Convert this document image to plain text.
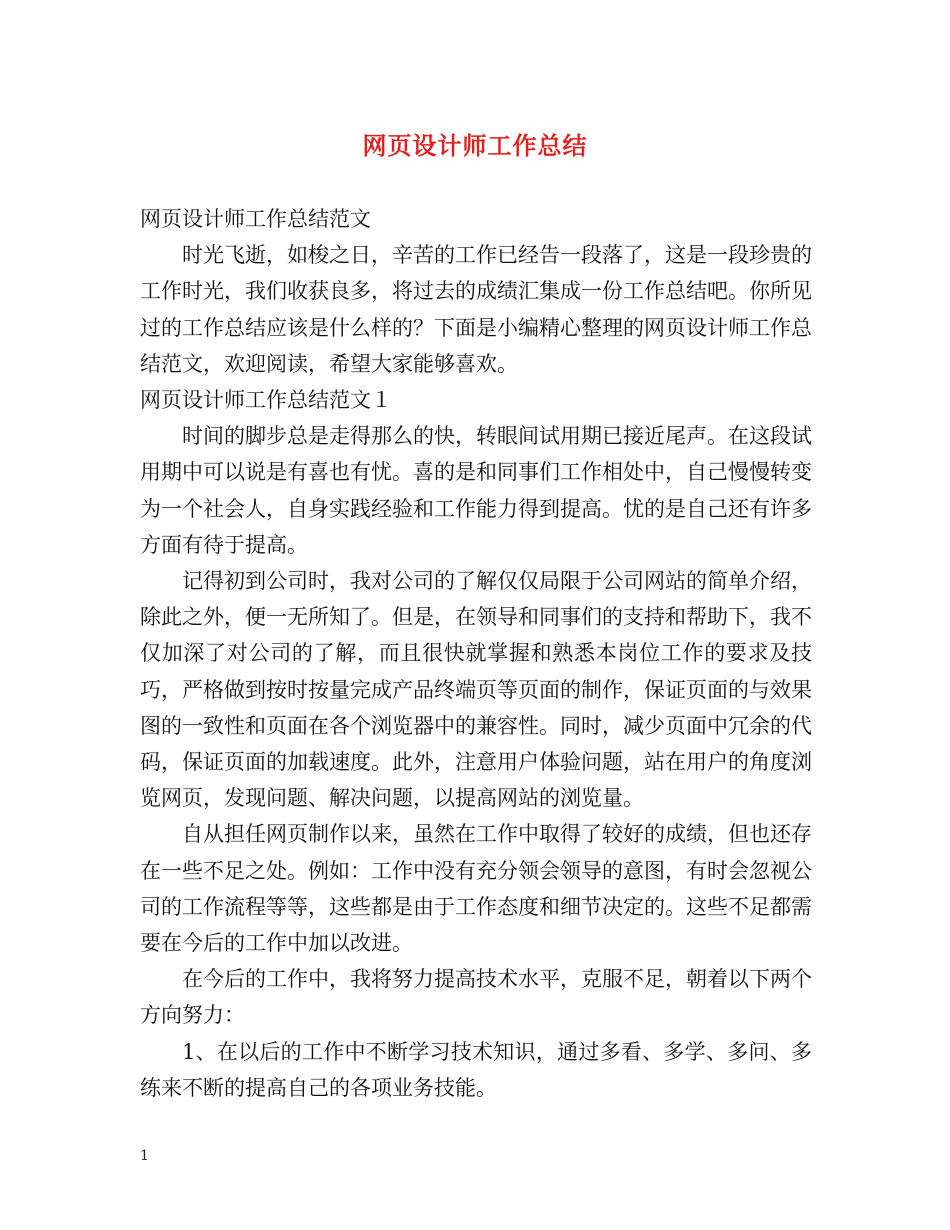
网页设计师工作总结

网页设计师工作总结范文

时光飞逝，如梭之日，辛苦的工作已经告一段落了，这是一段珍贵的工作时光，我们收获良多，将过去的成绩汇集成一份工作总结吧。你所见过的工作总结应该是什么样的？下面是小编精心整理的网页设计师工作总结范文，欢迎阅读，希望大家能够喜欢。

网页设计师工作总结范文１

时间的脚步总是走得那么的快，转眼间试用期已接近尾声。在这段试用期中可以说是有喜也有忧。喜的是和同事们工作相处中，自己慢慢转变为一个社会人，自身实践经验和工作能力得到提高。忧的是自己还有许多方面有待于提高。

记得初到公司时，我对公司的了解仅仅局限于公司网站的简单介绍，除此之外，便一无所知了。但是，在领导和同事们的支持和帮助下，我不仅加深了对公司的了解，而且很快就掌握和熟悉本岗位工作的要求及技巧，严格做到按时按量完成产品终端页等页面的制作，保证页面的与效果图的一致性和页面在各个浏览器中的兼容性。同时，减少页面中冗余的代码，保证页面的加载速度。此外，注意用户体验问题，站在用户的角度浏览网页，发现问题、解决问题，以提高网站的浏览量。

自从担任网页制作以来，虽然在工作中取得了较好的成绩，但也还存在一些不足之处。例如：工作中没有充分领会领导的意图，有时会忽视公司的工作流程等等，这些都是由于工作态度和细节决定的。这些不足都需要在今后的工作中加以改进。

在今后的工作中，我将努力提高技术水平，克服不足，朝着以下两个方向努力：

1、在以后的工作中不断学习技术知识，通过多看、多学、多问、多练来不断的提高自己的各项业务技能。

1
